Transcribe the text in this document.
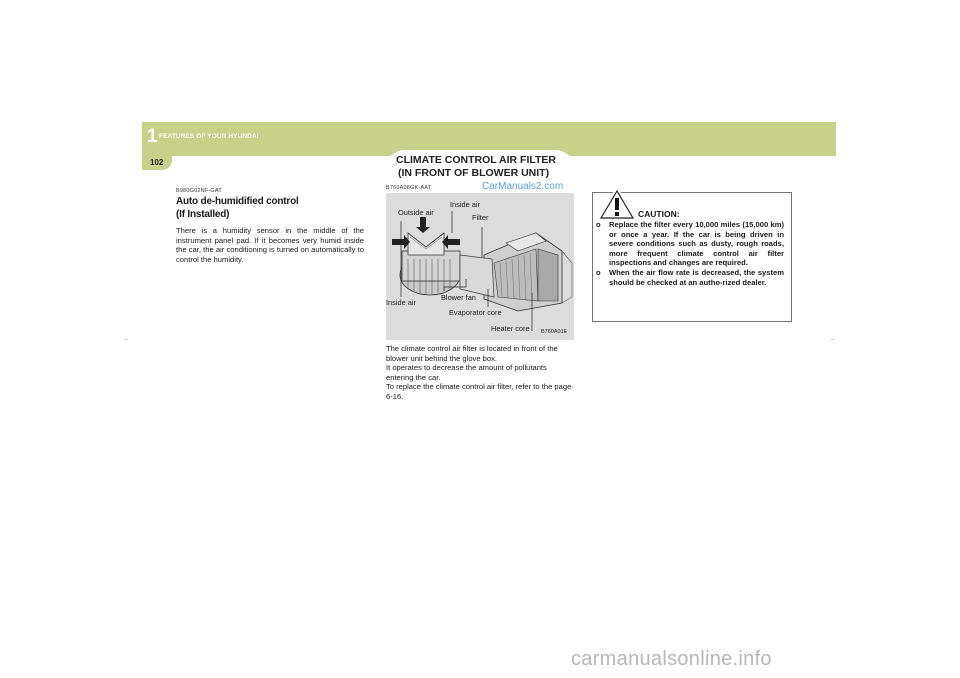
1 FEATURES OF YOUR HYUNDAI
102	CLIMATE CONTROL AIR FILTER
(IN FRONT OF BLOWER UNIT)
B980G02NF-GAT
Auto de-humidified control
(If Installed)

There is a humidity sensor in the middle of the instrument panel pad. If it becomes very humid inside the car, the air conditioning is turned on automatically to control the humidity.

B760A06GK-AAT	CarManuals2.com
Outside air
Inside air
Filter
Inside air
Blower fan
Evaporator core
Heater core B760A01E

The climate control air filter is located in front of the blower unit behind the glove box.

It operates to decrease the amount of pollutants entering the car.

To replace the climate control air filter, refer to the page 6-16.

CAUTION:
o Replace the filter every 10,000 miles (15,000 km) or once a year. If the car is being driven in severe conditions such as dusty, rough roads, more frequent climate control air filter inspections and changes are required.
o When the air flow rate is decreased, the system should be checked at an autho-rized dealer.
–	–
carmanualsonline.info
